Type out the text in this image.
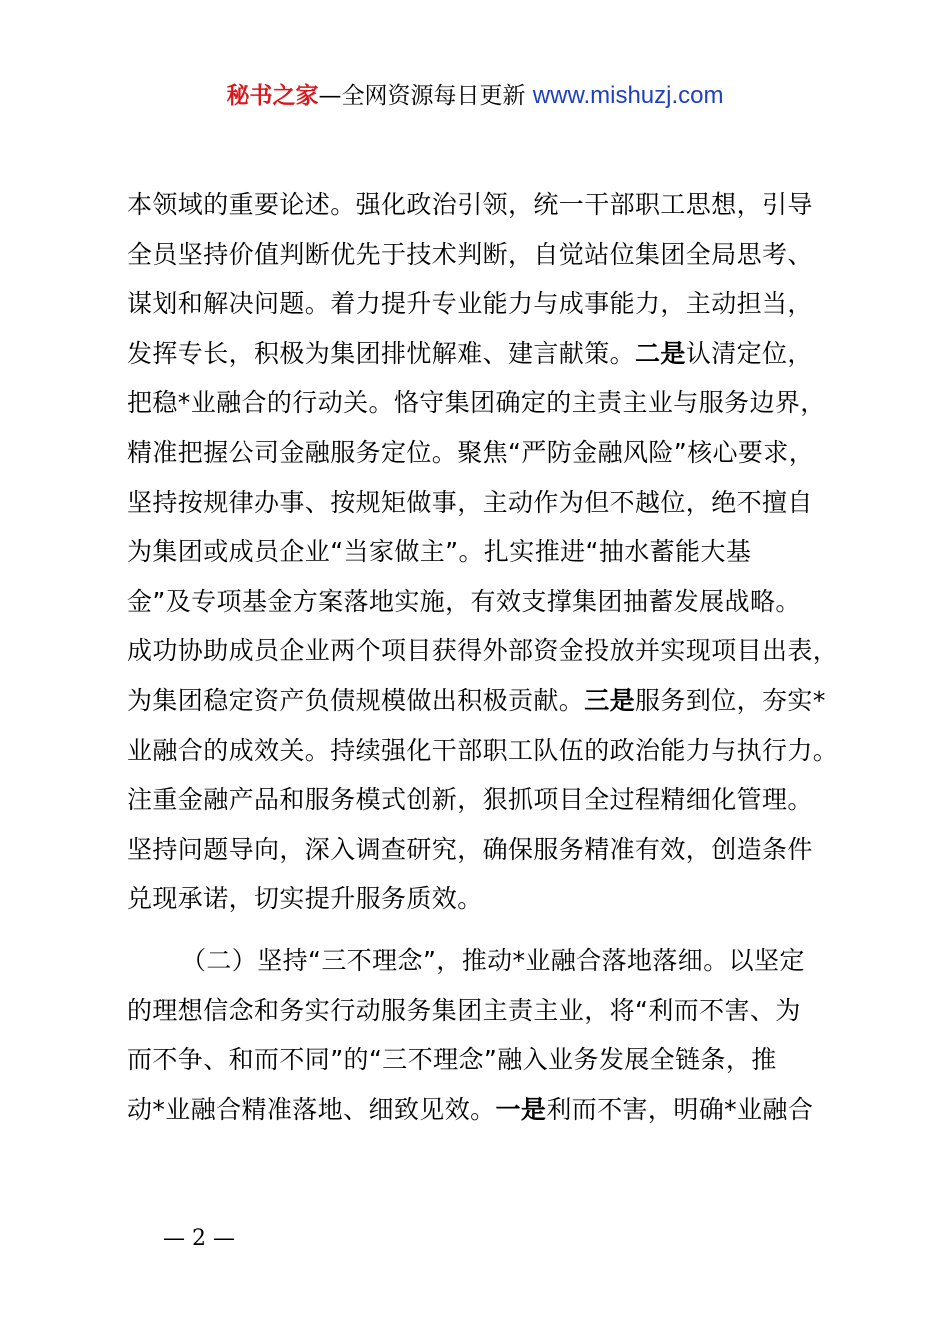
秘书之家—全网资源每日更新 www.mishuzj.com
本领域的重要论述。强化政治引领，统一干部职工思想，引导
全员坚持价值判断优先于技术判断，自觉站位集团全局思考、
谋划和解决问题。着力提升专业能力与成事能力，主动担当，
发挥专长，积极为集团排忧解难、建言献策。二是认清定位，
把稳*业融合的行动关。恪守集团确定的主责主业与服务边界，
精准把握公司金融服务定位。聚焦“严防金融风险”核心要求，
坚持按规律办事、按规矩做事，主动作为但不越位，绝不擅自
为集团或成员企业“当家做主”。扎实推进“抽水蓄能大基
金”及专项基金方案落地实施，有效支撑集团抽蓄发展战略。
成功协助成员企业两个项目获得外部资金投放并实现项目出表，
为集团稳定资产负债规模做出积极贡献。三是服务到位，夯实*
业融合的成效关。持续强化干部职工队伍的政治能力与执行力。
注重金融产品和服务模式创新，狠抓项目全过程精细化管理。
坚持问题导向，深入调查研究，确保服务精准有效，创造条件
兑现承诺，切实提升服务质效。
（二）坚持“三不理念”，推动*业融合落地落细。以坚定
的理想信念和务实行动服务集团主责主业，将“利而不害、为
而不争、和而不同”的“三不理念”融入业务发展全链条，推
动*业融合精准落地、细致见效。一是利而不害，明确*业融合
— 2 —
